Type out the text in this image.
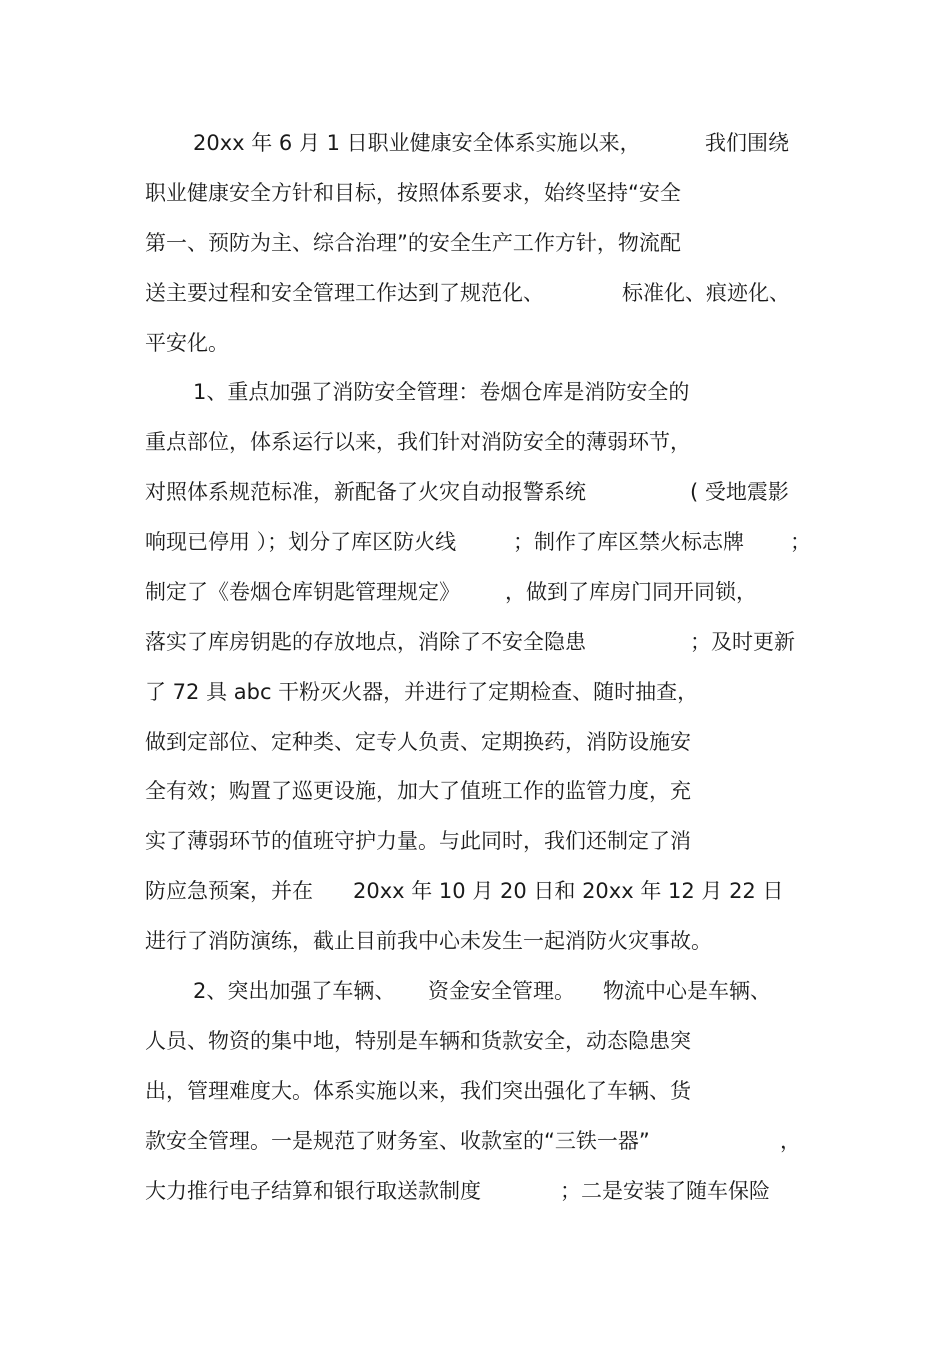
20xx 年 6 月 1 日职业健康安全体系实施以来，

	我们围绕

职业健康安全方针和目标，按照体系要求，始终坚持“安全

第一、预防为主、综合治理”的安全生产工作方针，物流配

送主要过程和安全管理工作达到了规范化、

	标准化、痕迹化、

平安化。

1、重点加强了消防安全管理：卷烟仓库是消防安全的

重点部位，体系运行以来，我们针对消防安全的薄弱环节，

对照体系规范标准，新配备了火灾自动报警系统

	( 受地震影

响现已停用 ）；划分了库区防火线

	；制作了库区禁火标志牌

；

制定了《卷烟仓库钥匙管理规定》

，做到了库房门同开同锁，

落实了库房钥匙的存放地点，消除了不安全隐患

	；及时更新

了 72 具 abc 干粉灭火器，并进行了定期检查、随时抽查，

做到定部位、定种类、定专人负责、定期换药，消防设施安

全有效；购置了巡更设施，加大了值班工作的监管力度，充

实了薄弱环节的值班守护力量。与此同时，我们还制定了消

防应急预案，并在

20xx 年 10 月 20 日和 20xx 年 12 月 22 日

进行了消防演练，截止目前我中心未发生一起消防火灾事故。

2、突出加强了车辆、

资金安全管理。

物流中心是车辆、

人员、物资的集中地，特别是车辆和货款安全，动态隐患突

出，管理难度大。体系实施以来，我们突出强化了车辆、货

款安全管理。一是规范了财务室、收款室的“三铁一器”

	，

大力推行电子结算和银行取送款制度

	；二是安装了随车保险
